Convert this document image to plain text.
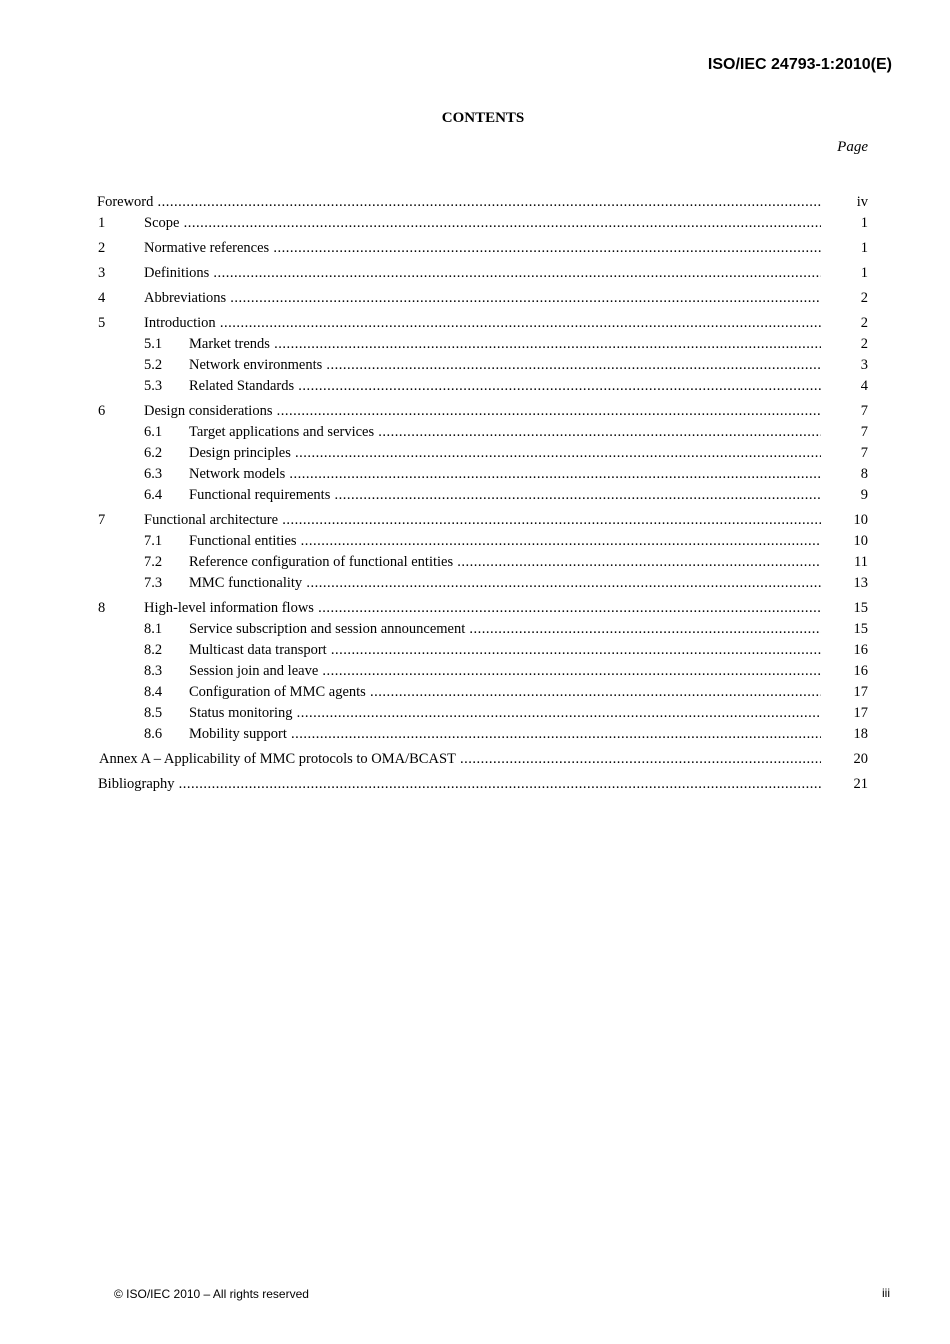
ISO/IEC 24793-1:2010(E)
CONTENTS
Page
Foreword .....	iv
1	Scope .....	1
2	Normative references .....	1
3	Definitions .....	1
4	Abbreviations .....	2
5	Introduction .....	2
5.1 Market trends .....	2
5.2 Network environments .....	3
5.3 Related Standards .....	4
6	Design considerations .....	7
6.1 Target applications and services .....	7
6.2 Design principles .....	7
6.3 Network models .....	8
6.4 Functional requirements .....	9
7	Functional architecture .....	10
7.1 Functional entities .....	10
7.2 Reference configuration of functional entities .....	11
7.3 MMC functionality .....	13
8	High-level information flows .....	15
8.1 Service subscription and session announcement .....	15
8.2 Multicast data transport .....	16
8.3 Session join and leave .....	16
8.4 Configuration of MMC agents .....	17
8.5 Status monitoring .....	17
8.6 Mobility support .....	18
Annex A – Applicability of MMC protocols to OMA/BCAST .....	20
Bibliography .....	21
© ISO/IEC 2010 – All rights reserved	iii
